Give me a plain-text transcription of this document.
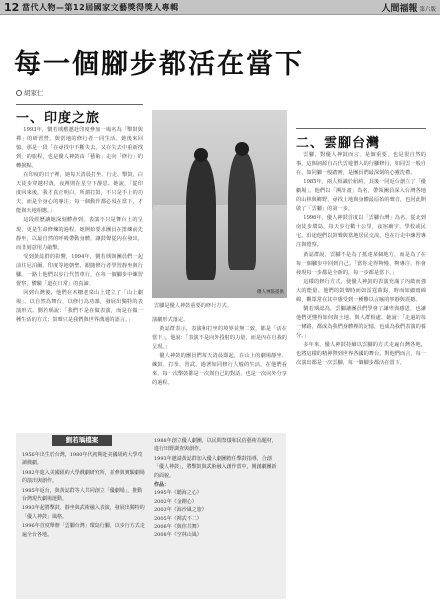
12 當代人物—第12屆國家文藝獎得獎人專輯	人間福報 第六版
每一個腳步都活在當下
胡家仁
一、印度之旅

1993年，劉若瑀應邀赴印度參加一場名為「擊鼓與禪」的研習營，與當地的修行者一同生活。她後來回憶，那是一段「在尋找中不斷失去，又在失去中重新找到」的旅程，也是優人神鼓由「藝術」走向「修行」的轉捩點。

在印度的日子裡，她每天清晨打坐、行走、擊鼓，白天徒步穿越村落，夜裡則在星空下靜思。她說，「從印度回來後，我才真正明白，所謂打鼓，不只是手上的功夫，而是全身心的專注；每一個動作都必須在當下，才能與天地相應。」

這段經歷讓她深刻體會到，表演不只是舞台上的呈現，更是生命修煉的過程。她開始要求團員在排練前先靜坐，以最自然的呼吸帶動身體，讓鼓聲從內在發出，而非刻意用力敲擊。

受到黃誌群的影響，1994年，劉若瑀與團員們一起前往尼泊爾、印度等地朝聖，跟隨修行者學習靜坐與行腳。一路上他們以步行代替車行，在每一個腳步中練習覺察，體驗「道在日常」的真諦。

回到台灣後，他們在木柵老泉山上建立了「山上劇場」，以自然為舞台，以修行為功課，發展出獨特的表演形式。劉若瑀說：「我們不是在做表演，而是在做一種生活的方式；鼓聲只是我們與世界溝通的語言。」

優人神鼓提供
雲腳是優人神鼓重要的修行方式。

演劇形式落定。

黃誌群表示，表演和打坐的境界並無二致，都是「活在當下」。他說：「表演不是向外投射的力量，而是內在自我的呈現。」

優人神鼓的團員們每天清晨即起，在山上的劇場靜坐、練鼓、打拳、習武，過著如同修行人般的生活。在他們看來，每一次擊鼓都是一次與自己的對話，也是一次向外分享的過程。

二、雲腳台灣

雲腳，對優人神鼓而言，是個重要、也是很自然的事。這個詞源自古代雲遊僧人的行腳修行，如同雲一般自在、如同腳一般踏實，是團員們最深刻的心靈洗禮。

1985年，兩人相識於紐約，其後一同返台創立了「優劇場」。他們以「溯計畫」為名，帶領團員深入台灣各地的山林與鄉野，尋找土地與身體最原始的聲音，也因此開啟了「雲腳」的第一步。

1996年，優人神鼓首度以「雲腳台灣」為名，從北到南徒步環島，每天步行數十公里，夜宿廟宇、學校或民宅。沿途他們以鼓聲與當地居民交流，也在行走中練習專注與覺察。

黃誌群說，雲腳不是為了抵達某個地方，而是為了在每一個腳步中回到自己。「當你走得夠慢、夠專注，你會發現每一步都是全新的，每一步都是當下。」

這樣的修行方式，使優人神鼓的表演充滿了內斂而強大的能量。他們的鼓聲時而如雷霆萬鈞，時而如細雨綿綿，觀眾常在其中感受到一種難以言喻的寧靜與震撼。

劉若瑀認為，雲腳讓團員們學會了謙卑與感恩，也讓他們更懂得如何與土地、與人群相處。她說：「走過的每一條路，都成為我們身體裡的記憶，也成為我們表演的養分。」

多年來，優人神鼓持續以雲腳的方式走遍台灣各地，也將這樣的精神帶到世界各國的舞台。對他們而言，每一次演出都是一次雲腳，每一個腳步都活在當下。

劉若瑀檔案

1956年出生於台灣，1980年代初期赴美國紐約大學攻讀戲劇。

1982年進入美國紐約大學戲劇研究所，並參與實驗劇場的演出與創作。

1985年返台，與黃誌群等人共同創立「優劇場」，推動台灣現代劇場運動。

1993年起將擊鼓、靜坐與武術融入表演，發展出獨特的「優人神鼓」風格。

1996年首度舉辦「雲腳台灣」環島行腳，以步行方式走遍全台各地。

1988年創立優人劇團，以民間祭儀和民俗藝術為題材，進行田野調查與創作。

1993年邀請黃誌群加入優人劇團擔任擊鼓指導，合創「優人神鼓」，將擊鼓與武術融入創作當中，開創劇團新的面貌。

作品：
1995年《聽海之心》
2002年《金剛心》
2003年《海沙風之旅》
2005年《禪武不二》
2006年《與你共舞》
2008年《空林山風》
